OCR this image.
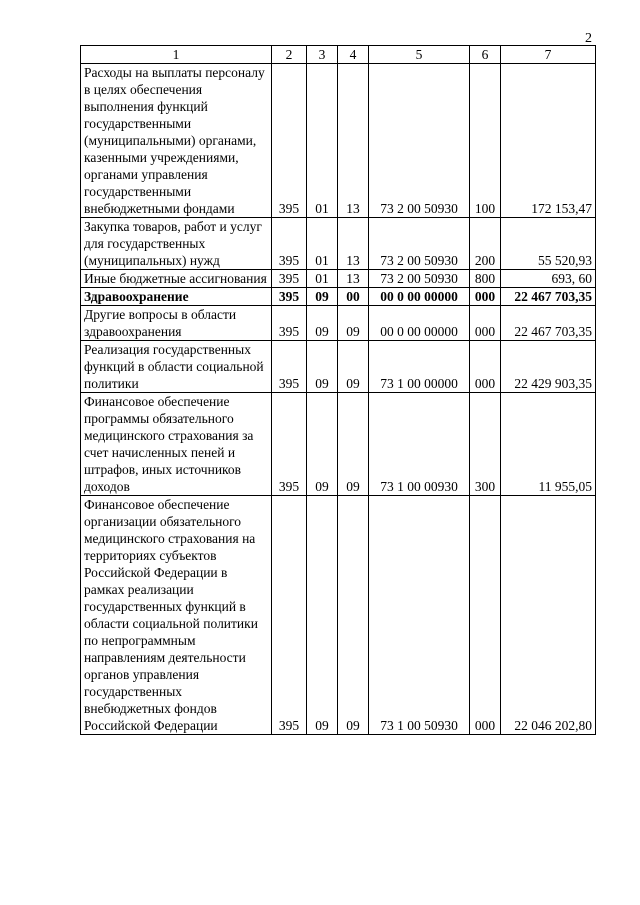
2
1	2	3	4	5	6	7
Расходы на выплаты персоналу в целях обеспечения выполнения функций государственными (муниципальными) органами, казенными учреждениями, органами управления государственными внебюджетными фондами	395	01	13	73 2 00 50930	100	172 153,47
Закупка товаров, работ и услуг для государственных (муниципальных) нужд	395	01	13	73 2 00 50930	200	55 520,93
Иные бюджетные ассигнования	395	01	13	73 2 00 50930	800	693, 60
Здравоохранение	395	09	00	00 0 00 00000	000	22 467 703,35
Другие вопросы в области здравоохранения	395	09	09	00 0 00 00000	000	22 467 703,35
Реализация государственных функций в области социальной политики	395	09	09	73 1 00 00000	000	22 429 903,35
Финансовое обеспечение программы обязательного медицинского страхования за счет начисленных пеней и штрафов, иных источников доходов	395	09	09	73 1 00 00930	300	11 955,05
Финансовое обеспечение организации обязательного медицинского страхования на территориях субъектов Российской Федерации в рамках реализации государственных функций в области социальной политики по непрограммным направлениям деятельности органов управления государственных внебюджетных фондов Российской Федерации	395	09	09	73 1 00 50930	000	22 046 202,80
